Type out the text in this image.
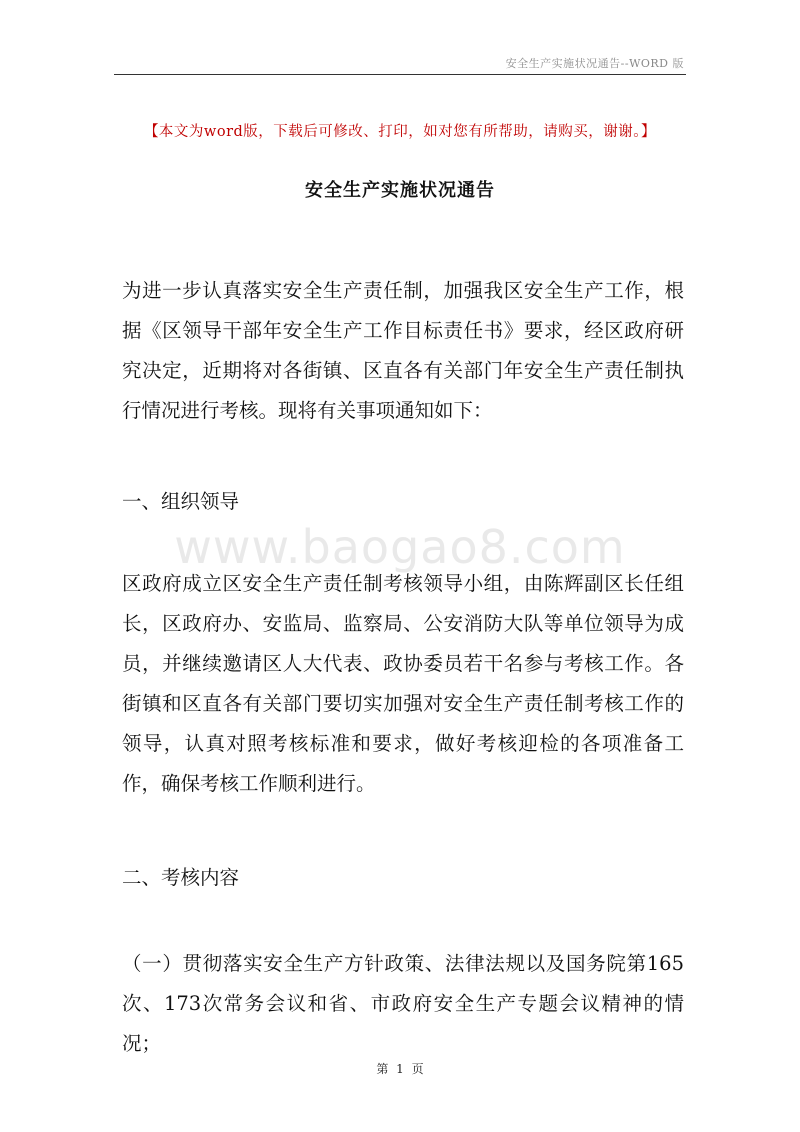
安全生产实施状况通告--WORD 版
【本文为word版，下载后可修改、打印，如对您有所帮助，请购买，谢谢。】
安全生产实施状况通告

为进一步认真落实安全生产责任制，加强我区安全生产工作，根据《区领导干部年安全生产工作目标责任书》要求，经区政府研究决定，近期将对各街镇、区直各有关部门年安全生产责任制执行情况进行考核。现将有关事项通知如下：

一、组织领导

www.baogao8.com

区政府成立区安全生产责任制考核领导小组，由陈辉副区长任组长，区政府办、安监局、监察局、公安消防大队等单位领导为成员，并继续邀请区人大代表、政协委员若干名参与考核工作。各街镇和区直各有关部门要切实加强对安全生产责任制考核工作的领导，认真对照考核标准和要求，做好考核迎检的各项准备工作，确保考核工作顺利进行。

二、考核内容

（一）贯彻落实安全生产方针政策、法律法规以及国务院第165次、173次常务会议和省、市政府安全生产专题会议精神的情况；

第 1 页
